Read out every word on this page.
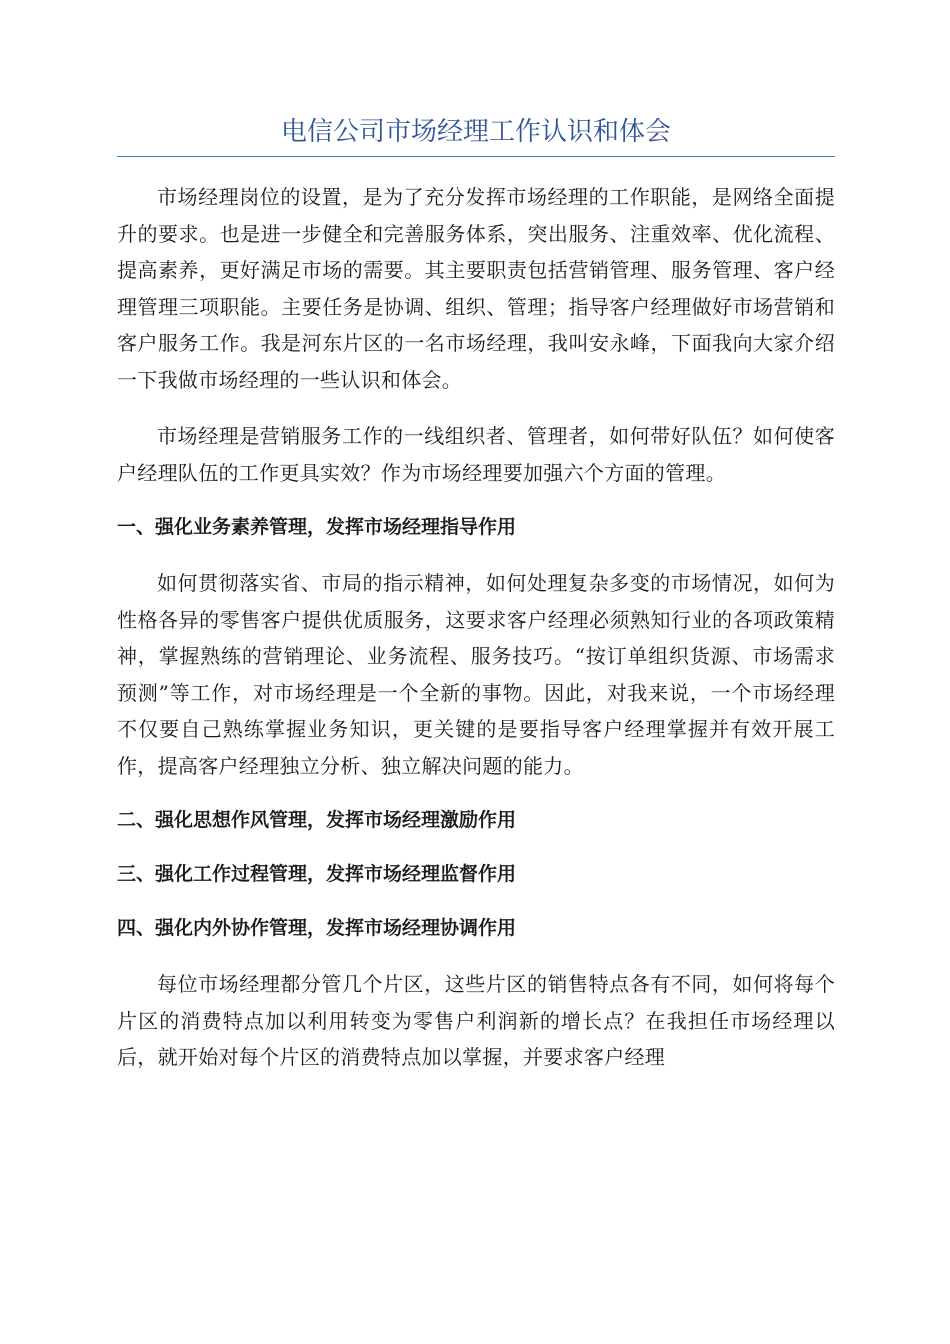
电信公司市场经理工作认识和体会

市场经理岗位的设置，是为了充分发挥市场经理的工作职能，是网络全面提升的要求。也是进一步健全和完善服务体系，突出服务、注重效率、优化流程、提高素养，更好满足市场的需要。其主要职责包括营销管理、服务管理、客户经理管理三项职能。主要任务是协调、组织、管理；指导客户经理做好市场营销和客户服务工作。我是河东片区的一名市场经理，我叫安永峰，下面我向大家介绍一下我做市场经理的一些认识和体会。

市场经理是营销服务工作的一线组织者、管理者，如何带好队伍？如何使客户经理队伍的工作更具实效？作为市场经理要加强六个方面的管理。

一、强化业务素养管理，发挥市场经理指导作用

如何贯彻落实省、市局的指示精神，如何处理复杂多变的市场情况，如何为性格各异的零售客户提供优质服务，这要求客户经理必须熟知行业的各项政策精神，掌握熟练的营销理论、业务流程、服务技巧。“按订单组织货源、市场需求预测”等工作，对市场经理是一个全新的事物。因此，对我来说，一个市场经理不仅要自己熟练掌握业务知识，更关键的是要指导客户经理掌握并有效开展工作，提高客户经理独立分析、独立解决问题的能力。

二、强化思想作风管理，发挥市场经理激励作用
三、强化工作过程管理，发挥市场经理监督作用
四、强化内外协作管理，发挥市场经理协调作用

每位市场经理都分管几个片区，这些片区的销售特点各有不同，如何将每个片区的消费特点加以利用转变为零售户利润新的增长点？在我担任市场经理以后，就开始对每个片区的消费特点加以掌握，并要求客户经理
